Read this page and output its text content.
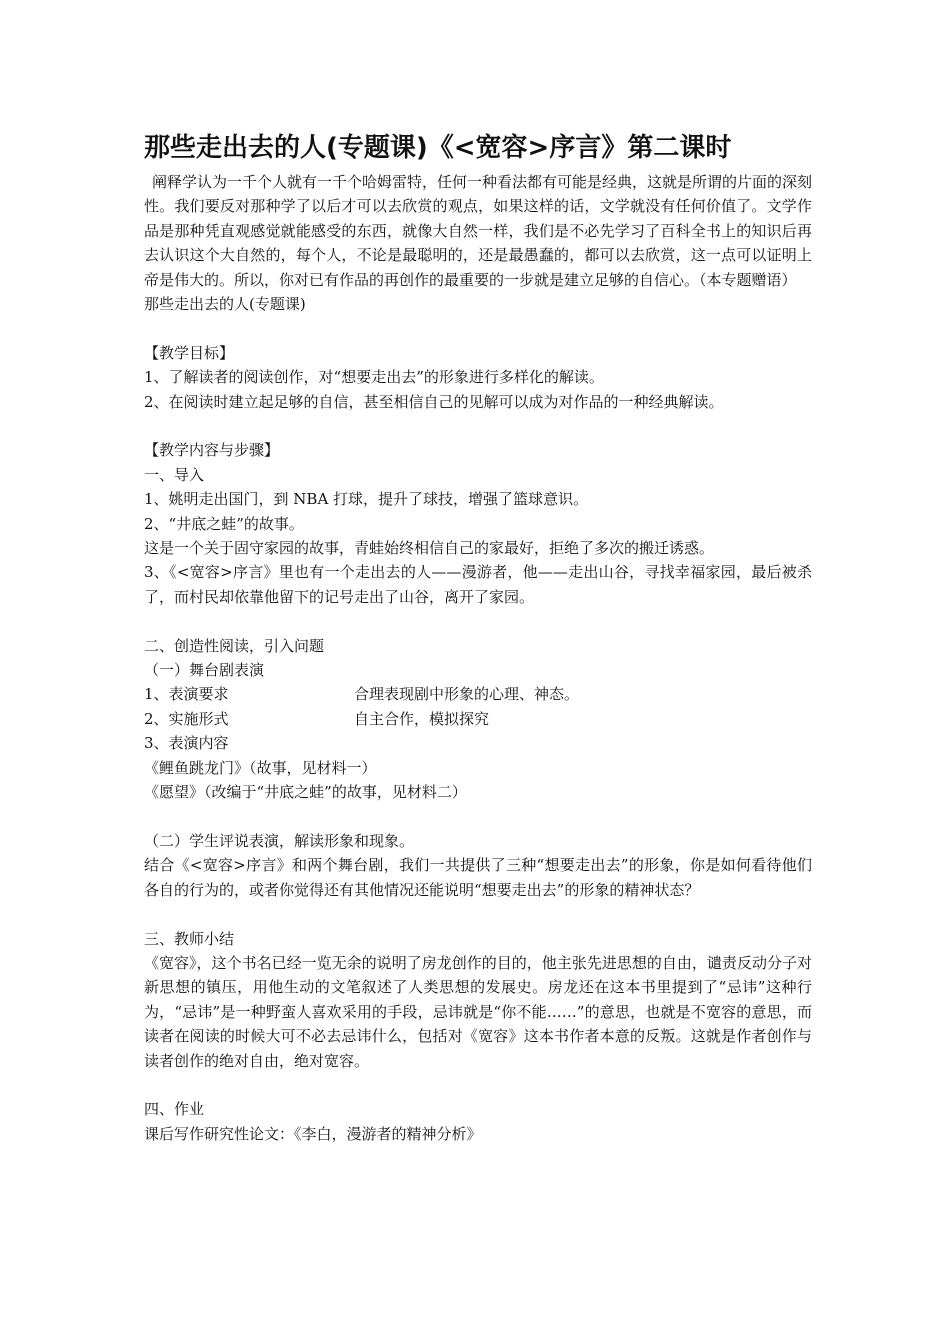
那些走出去的人(专题课)《<宽容>序言》第二课时

阐释学认为一千个人就有一千个哈姆雷特，任何一种看法都有可能是经典，这就是所谓的片面的深刻性。我们要反对那种学了以后才可以去欣赏的观点，如果这样的话，文学就没有任何价值了。文学作品是那种凭直观感觉就能感受的东西，就像大自然一样，我们是不必先学习了百科全书上的知识后再去认识这个大自然的，每个人，不论是最聪明的，还是最愚蠢的，都可以去欣赏，这一点可以证明上帝是伟大的。所以，你对已有作品的再创作的最重要的一步就是建立足够的自信心。（本专题赠语）

那些走出去的人(专题课)

【教学目标】

1、了解读者的阅读创作，对“想要走出去”的形象进行多样化的解读。

2、在阅读时建立起足够的自信，甚至相信自己的见解可以成为对作品的一种经典解读。

【教学内容与步骤】

一、导入

1、姚明走出国门，到 NBA 打球，提升了球技，增强了篮球意识。

2、“井底之蛙”的故事。

这是一个关于固守家园的故事，青蛙始终相信自己的家最好，拒绝了多次的搬迁诱惑。

3、《<宽容>序言》里也有一个走出去的人——漫游者，他——走出山谷，寻找幸福家园，最后被杀了，而村民却依靠他留下的记号走出了山谷，离开了家园。

二、创造性阅读，引入问题

（一）舞台剧表演

1、表演要求	合理表现剧中形象的心理、神态。
2、实施形式	自主合作，模拟探究

3、表演内容

《鲤鱼跳龙门》（故事，见材料一）

《愿望》（改编于“井底之蛙”的故事，见材料二）

（二）学生评说表演，解读形象和现象。

结合《<宽容>序言》和两个舞台剧，我们一共提供了三种“想要走出去”的形象，你是如何看待他们各自的行为的，或者你觉得还有其他情况还能说明“想要走出去”的形象的精神状态？

三、教师小结

《宽容》，这个书名已经一览无余的说明了房龙创作的目的，他主张先进思想的自由，谴责反动分子对新思想的镇压，用他生动的文笔叙述了人类思想的发展史。房龙还在这本书里提到了“忌讳”这种行为，“忌讳”是一种野蛮人喜欢采用的手段，忌讳就是“你不能……”的意思，也就是不宽容的意思，而读者在阅读的时候大可不必去忌讳什么，包括对《宽容》这本书作者本意的反叛。这就是作者创作与读者创作的绝对自由，绝对宽容。

四、作业

课后写作研究性论文：《李白，漫游者的精神分析》
